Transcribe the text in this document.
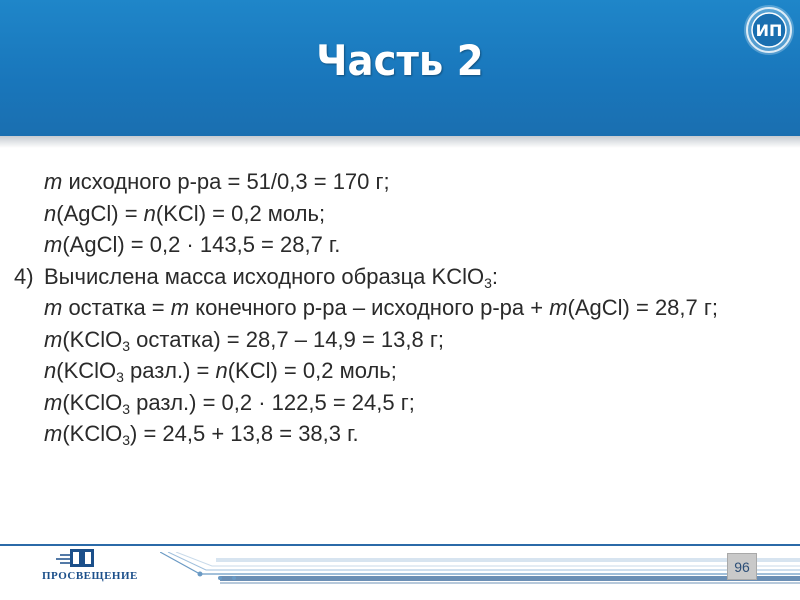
Часть 2
ИП
m исходного р-ра = 51/0,3 = 170 г;
n(AgCl) = n(KCl) = 0,2 моль;
m(AgCl) = 0,2 · 143,5 = 28,7 г.
4) Вычислена масса исходного образца KClO$_3$:
m остатка = m конечного р-ра – исходного р-ра + m(AgCl) = 28,7 г;
m(KClO$_3$ остатка) = 28,7 – 14,9 = 13,8 г;
n(KClO$_3$ разл.) = n(KCl) = 0,2 моль;
m(KClO$_3$ разл.) = 0,2 · 122,5 = 24,5 г;
m(KClO$_3$) = 24,5 + 13,8 = 38,3 г.
ПРОСВЕЩЕНИЕ
96
